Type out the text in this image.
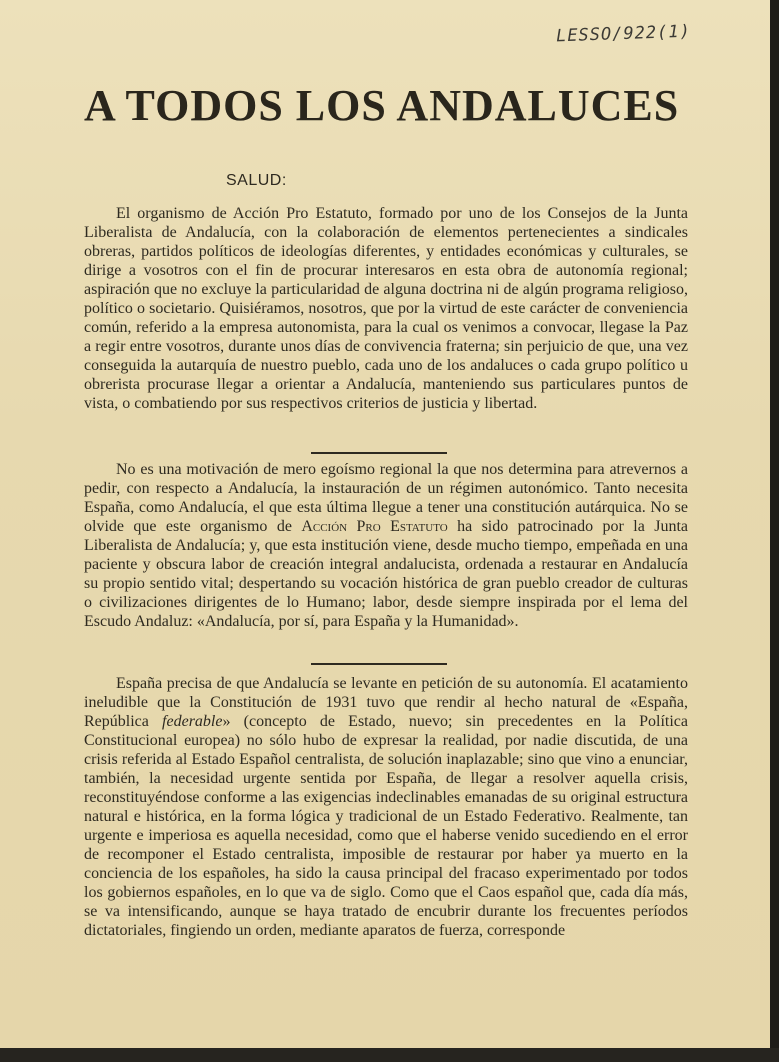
LESSO/922(1)
A TODOS LOS ANDALUCES
SALUD:

El organismo de Acción Pro Estatuto, formado por uno de los Consejos de la Junta Liberalista de Andalucía, con la colaboración de elementos pertenecientes a sindicales obreras, partidos políticos de ideologías diferentes, y entidades económicas y culturales, se dirige a vosotros con el fin de procurar interesaros en esta obra de autonomía regional; aspiración que no excluye la particularidad de alguna doctrina ni de algún programa religioso, político o societario. Quisiéramos, nosotros, que por la virtud de este carácter de conveniencia común, referido a la empresa autonomista, para la cual os venimos a convocar, llegase la Paz a regir entre vosotros, durante unos días de convivencia fraterna; sin perjuicio de que, una vez conseguida la autarquía de nuestro pueblo, cada uno de los andaluces o cada grupo político u obrerista procurase llegar a orientar a Andalucía, manteniendo sus particulares puntos de vista, o combatiendo por sus respectivos criterios de justicia y libertad.

No es una motivación de mero egoísmo regional la que nos determina para atrevernos a pedir, con respecto a Andalucía, la instauración de un régimen autonómico. Tanto necesita España, como Andalucía, el que esta última llegue a tener una constitución autárquica. No se olvide que este organismo de Acción Pro Estatuto ha sido patrocinado por la Junta Liberalista de Andalucía; y, que esta institución viene, desde mucho tiempo, empeñada en una paciente y obscura labor de creación integral andalucista, ordenada a restaurar en Andalucía su propio sentido vital; despertando su vocación histórica de gran pueblo creador de culturas o civilizaciones dirigentes de lo Humano; labor, desde siempre inspirada por el lema del Escudo Andaluz: «Andalucía, por sí, para España y la Humanidad».

España precisa de que Andalucía se levante en petición de su autonomía. El acatamiento ineludible que la Constitución de 1931 tuvo que rendir al hecho natural de «España, República federable» (concepto de Estado, nuevo; sin precedentes en la Política Constitucional europea) no sólo hubo de expresar la realidad, por nadie discutida, de una crisis referida al Estado Español centralista, de solución inaplazable; sino que vino a enunciar, también, la necesidad urgente sentida por España, de llegar a resolver aquella crisis, reconstituyéndose conforme a las exigencias indeclinables emanadas de su original estructura natural e histórica, en la forma lógica y tradicional de un Estado Federativo. Realmente, tan urgente e imperiosa es aquella necesidad, como que el haberse venido sucediendo en el error de recomponer el Estado centralista, imposible de restaurar por haber ya muerto en la conciencia de los españoles, ha sido la causa principal del fracaso experimentado por todos los gobiernos españoles, en lo que va de siglo. Como que el Caos español que, cada día más, se va intensificando, aunque se haya tratado de encubrir durante los frecuentes períodos dictatoriales, fingiendo un orden, mediante aparatos de fuerza, corresponde
